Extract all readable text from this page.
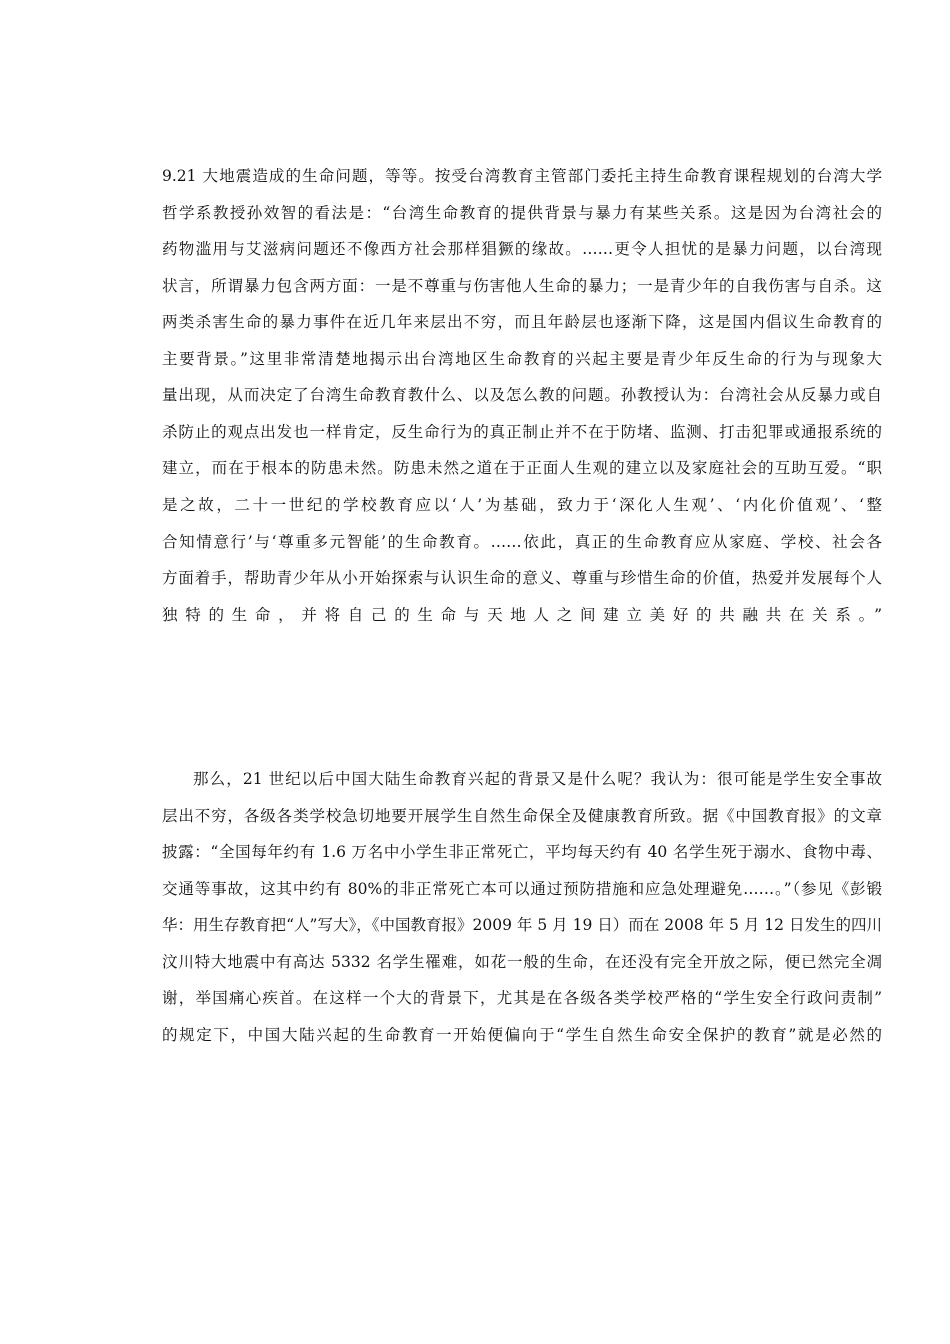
9.21 大地震造成的生命问题，等等。按受台湾教育主管部门委托主持生命教育课程规划的台湾大学
哲学系教授孙效智的看法是：“台湾生命教育的提供背景与暴力有某些关系。这是因为台湾社会的
药物滥用与艾滋病问题还不像西方社会那样猖獗的缘故。……更令人担忧的是暴力问题，以台湾现
状言，所谓暴力包含两方面：一是不尊重与伤害他人生命的暴力；一是青少年的自我伤害与自杀。这
两类杀害生命的暴力事件在近几年来层出不穷，而且年龄层也逐渐下降，这是国内倡议生命教育的
主要背景。”这里非常清楚地揭示出台湾地区生命教育的兴起主要是青少年反生命的行为与现象大
量出现，从而决定了台湾生命教育教什么、以及怎么教的问题。孙教授认为：台湾社会从反暴力或自
杀防止的观点出发也一样肯定，反生命行为的真正制止并不在于防堵、监测、打击犯罪或通报系统的
建立，而在于根本的防患未然。防患未然之道在于正面人生观的建立以及家庭社会的互助互爱。“职
是之故，二十一世纪的学校教育应以‘人’为基础，致力于‘深化人生观’、‘内化价值观’、‘整
合知情意行’与‘尊重多元智能’的生命教育。……依此，真正的生命教育应从家庭、学校、社会各
方面着手，帮助青少年从小开始探索与认识生命的意义、尊重与珍惜生命的价值，热爱并发展每个人
独特的生命，并将自己的生命与天地人之间建立美好的共融共在关系。”
那么，21 世纪以后中国大陆生命教育兴起的背景又是什么呢？我认为：很可能是学生安全事故
层出不穷，各级各类学校急切地要开展学生自然生命保全及健康教育所致。据《中国教育报》的文章
披露：“全国每年约有 1.6 万名中小学生非正常死亡，平均每天约有 40 名学生死于溺水、食物中毒、
交通等事故，这其中约有 80%的非正常死亡本可以通过预防措施和应急处理避免……。”（参见《彭锻
华：用生存教育把“人”写大》，《中国教育报》2009 年 5 月 19 日）而在 2008 年 5 月 12 日发生的四川
汶川特大地震中有高达 5332 名学生罹难，如花一般的生命，在还没有完全开放之际，便已然完全凋
谢，举国痛心疾首。在这样一个大的背景下，尤其是在各级各类学校严格的“学生安全行政问责制”
的规定下，中国大陆兴起的生命教育一开始便偏向于“学生自然生命安全保护的教育”就是必然的
